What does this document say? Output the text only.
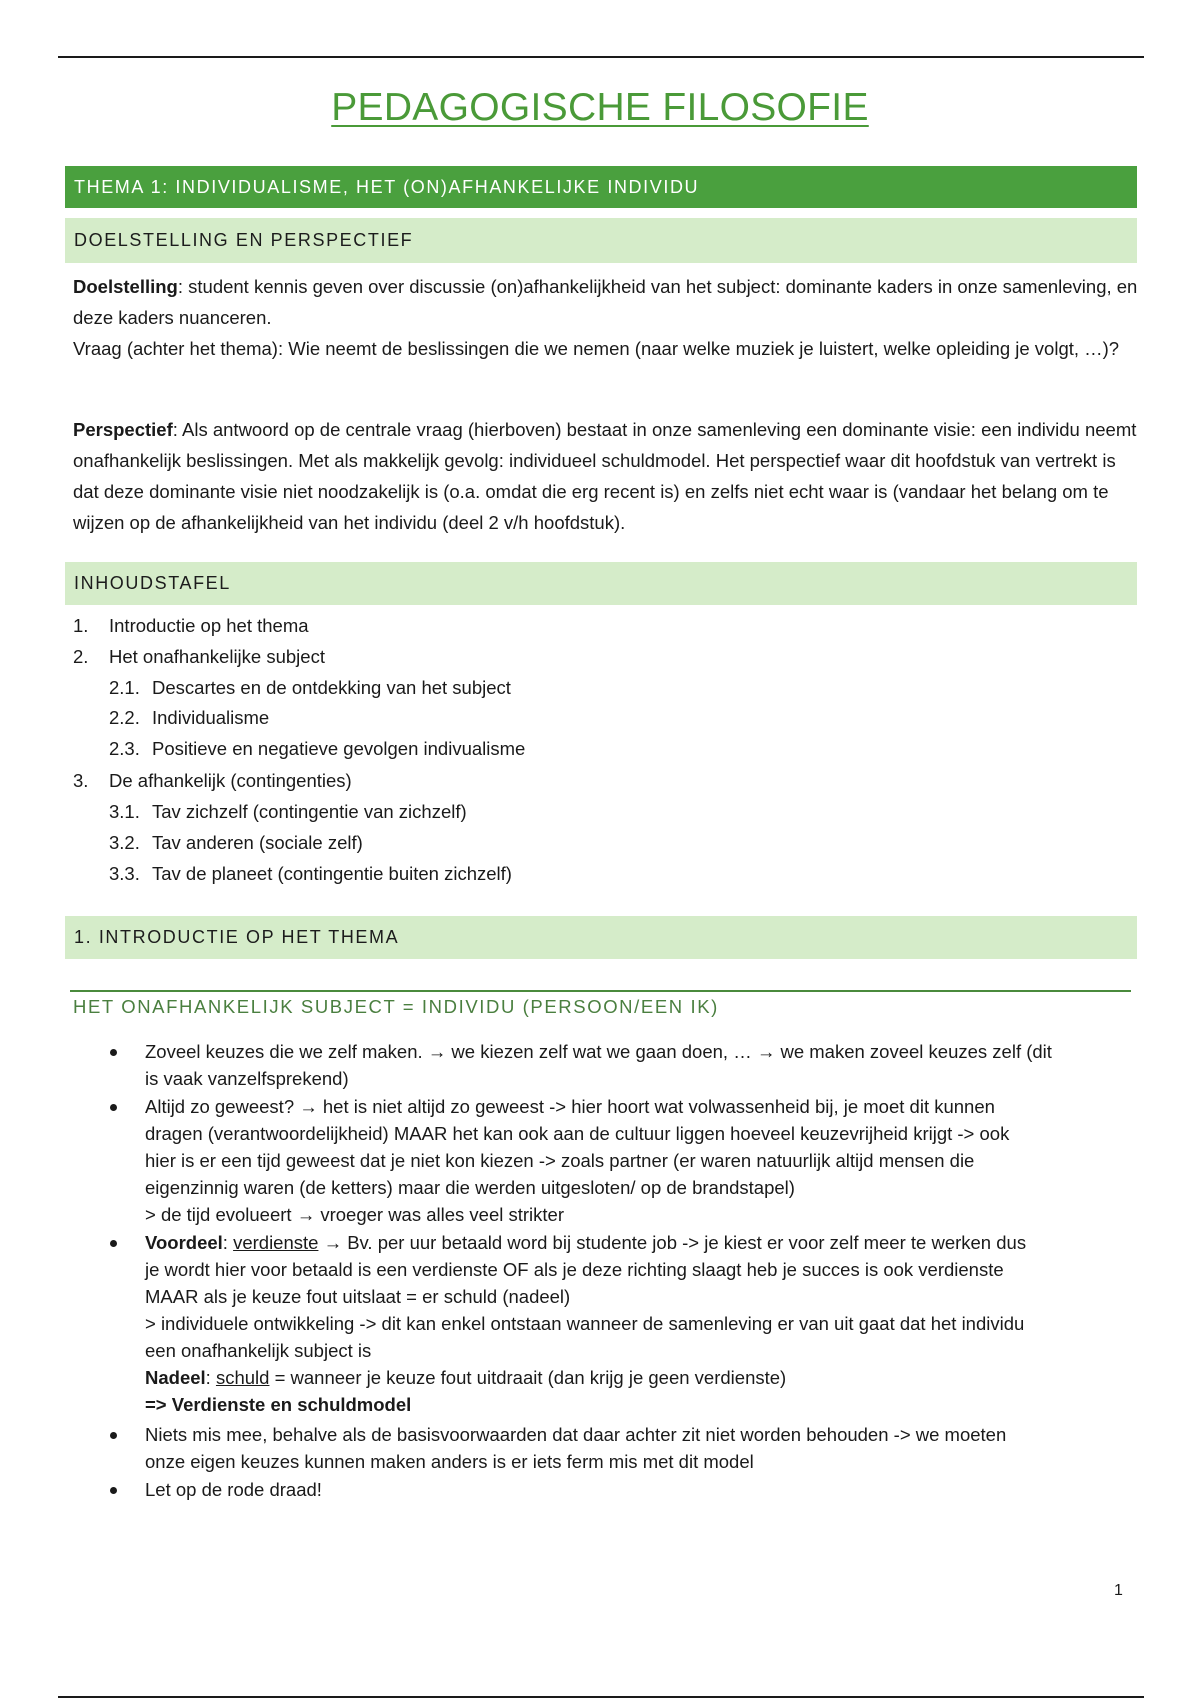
PEDAGOGISCHE FILOSOFIE
THEMA 1: INDIVIDUALISME, HET (ON)AFHANKELIJKE INDIVIDU
DOELSTELLING EN PERSPECTIEF

Doelstelling: student kennis geven over discussie (on)afhankelijkheid van het subject: dominante kaders in onze samenleving, en deze kaders nuanceren.
Vraag (achter het thema): Wie neemt de beslissingen die we nemen (naar welke muziek je luistert, welke opleiding je volgt, …)?

Perspectief: Als antwoord op de centrale vraag (hierboven) bestaat in onze samenleving een dominante visie: een individu neemt onafhankelijk beslissingen. Met als makkelijk gevolg: individueel schuldmodel. Het perspectief waar dit hoofdstuk van vertrekt is dat deze dominante visie niet noodzakelijk is (o.a. omdat die erg recent is) en zelfs niet echt waar is (vandaar het belang om te wijzen op de afhankelijkheid van het individu (deel 2 v/h hoofdstuk).

INHOUDSTAFEL
1. Introductie op het thema
2. Het onafhankelijke subject
2.1. Descartes en de ontdekking van het subject
2.2. Individualisme
2.3. Positieve en negatieve gevolgen indivualisme
3. De afhankelijk (contingenties)
3.1. Tav zichzelf (contingentie van zichzelf)
3.2. Tav anderen (sociale zelf)
3.3. Tav de planeet (contingentie buiten zichzelf)
1. INTRODUCTIE OP HET THEMA
HET ONAFHANKELIJK SUBJECT = INDIVIDU (PERSOON/EEN IK)
Zoveel keuzes die we zelf maken. → we kiezen zelf wat we gaan doen, … → we maken zoveel keuzes zelf (dit
is vaak vanzelfsprekend)
Altijd zo geweest? → het is niet altijd zo geweest -> hier hoort wat volwassenheid bij, je moet dit kunnen
dragen (verantwoordelijkheid) MAAR het kan ook aan de cultuur liggen hoeveel keuzevrijheid krijgt -> ook
hier is er een tijd geweest dat je niet kon kiezen -> zoals partner (er waren natuurlijk altijd mensen die
eigenzinnig waren (de ketters) maar die werden uitgesloten/ op de brandstapel)
> de tijd evolueert → vroeger was alles veel strikter
Voordeel: verdienste → Bv. per uur betaald word bij studente job -> je kiest er voor zelf meer te werken dus
je wordt hier voor betaald is een verdienste OF als je deze richting slaagt heb je succes is ook verdienste
MAAR als je keuze fout uitslaat = er schuld (nadeel)
> individuele ontwikkeling -> dit kan enkel ontstaan wanneer de samenleving er van uit gaat dat het individu
een onafhankelijk subject is
Nadeel: schuld = wanneer je keuze fout uitdraait (dan krijg je geen verdienste)
=> Verdienste en schuldmodel
Niets mis mee, behalve als de basisvoorwaarden dat daar achter zit niet worden behouden -> we moeten
onze eigen keuzes kunnen maken anders is er iets ferm mis met dit model
Let op de rode draad!
1
